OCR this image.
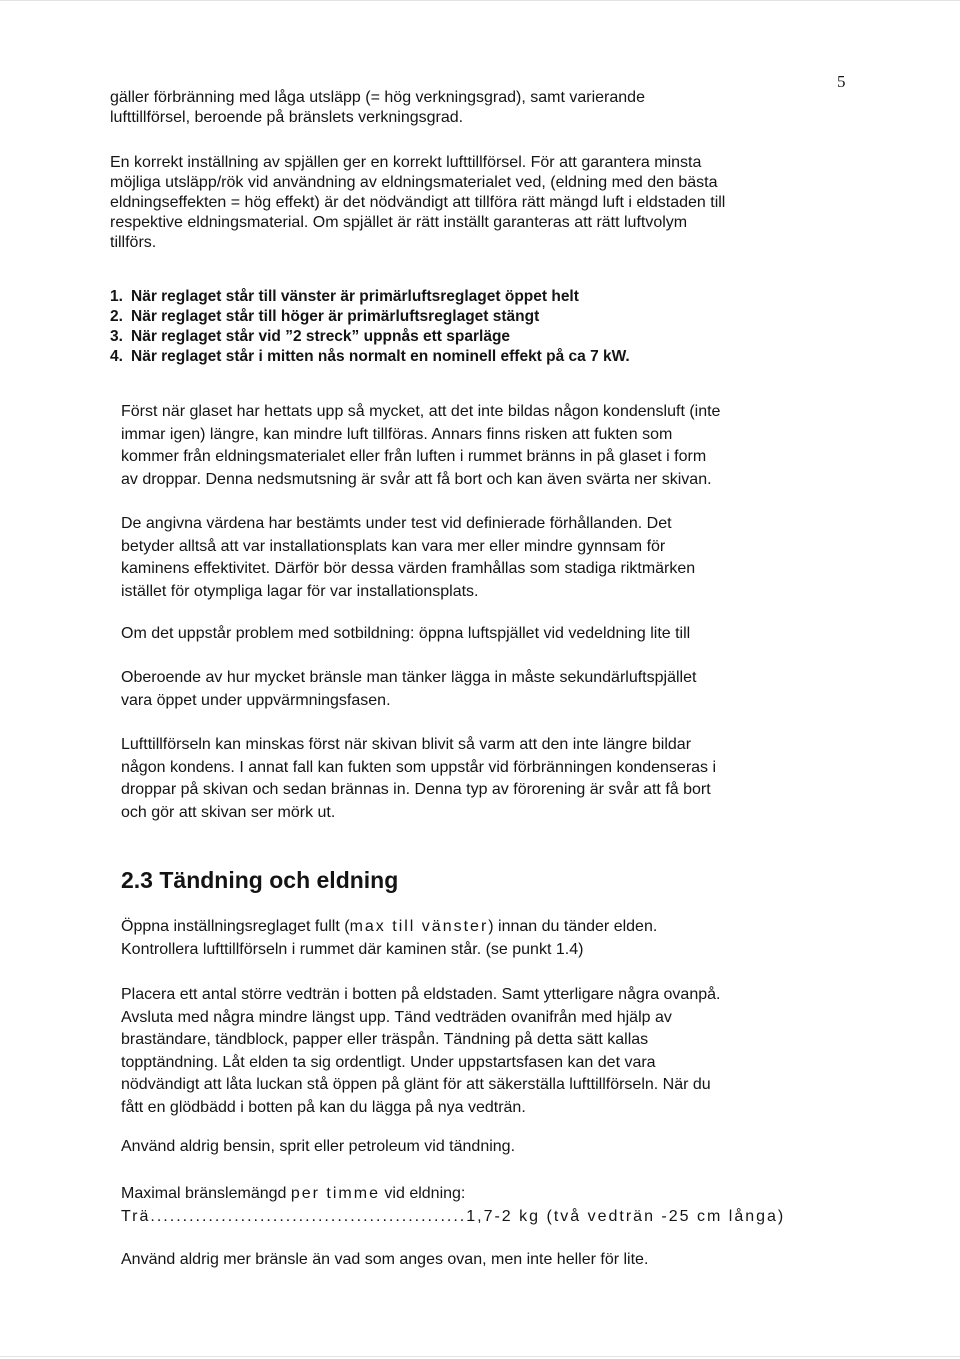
5
gäller förbränning med låga utsläpp (= hög verkningsgrad), samt varierande
lufttillförsel, beroende på bränslets verkningsgrad.
En korrekt inställning av spjällen ger en korrekt lufttillförsel. För att garantera minsta
möjliga utsläpp/rök vid användning av eldningsmaterialet ved, (eldning med den bästa
eldningseffekten = hög effekt) är det nödvändigt att tillföra rätt mängd luft i eldstaden till
respektive eldningsmaterial. Om spjället är rätt inställt garanteras att rätt luftvolym
tillförs.
1. När reglaget står till vänster är primärluftsreglaget öppet helt
2. När reglaget står till höger är primärluftsreglaget stängt
3. När reglaget står vid ”2 streck” uppnås ett sparläge
4. När reglaget står i mitten nås normalt en nominell effekt på ca 7 kW.
Först när glaset har hettats upp så mycket, att det inte bildas någon kondensluft (inte
immar igen) längre, kan mindre luft tillföras. Annars finns risken att fukten som
kommer från eldningsmaterialet eller från luften i rummet bränns in på glaset i form
av droppar. Denna nedsmutsning är svår att få bort och kan även svärta ner skivan.
De angivna värdena har bestämts under test vid definierade förhållanden. Det
betyder alltså att var installationsplats kan vara mer eller mindre gynnsam för
kaminens effektivitet. Därför bör dessa värden framhållas som stadiga riktmärken
istället för otympliga lagar för var installationsplats.
Om det uppstår problem med sotbildning: öppna luftspjället vid vedeldning lite till
Oberoende av hur mycket bränsle man tänker lägga in måste sekundärluftspjället
vara öppet under uppvärmningsfasen.
Lufttillförseln kan minskas först när skivan blivit så varm att den inte längre bildar
någon kondens. I annat fall kan fukten som uppstår vid förbränningen kondenseras i
droppar på skivan och sedan brännas in. Denna typ av förorening är svår att få bort
och gör att skivan ser mörk ut.
2.3 Tändning och eldning
Öppna inställningsreglaget fullt (max till vänster) innan du tänder elden.
Kontrollera lufttillförseln i rummet där kaminen står. (se punkt 1.4)
Placera ett antal större vedträn i botten på eldstaden. Samt ytterligare några ovanpå.
Avsluta med några mindre längst upp. Tänd vedträden ovanifrån med hjälp av
braständare, tändblock, papper eller träspån. Tändning på detta sätt kallas
topptändning. Låt elden ta sig ordentligt. Under uppstartsfasen kan det vara
nödvändigt att låta luckan stå öppen på glänt för att säkerställa lufttillförseln. När du
fått en glödbädd i botten på kan du lägga på nya vedträn.
Använd aldrig bensin, sprit eller petroleum vid tändning.
Maximal bränslemängd per timme vid eldning:
Trä.................................................1,7-2 kg (två vedträn -25 cm långa)
Använd aldrig mer bränsle än vad som anges ovan, men inte heller för lite.
